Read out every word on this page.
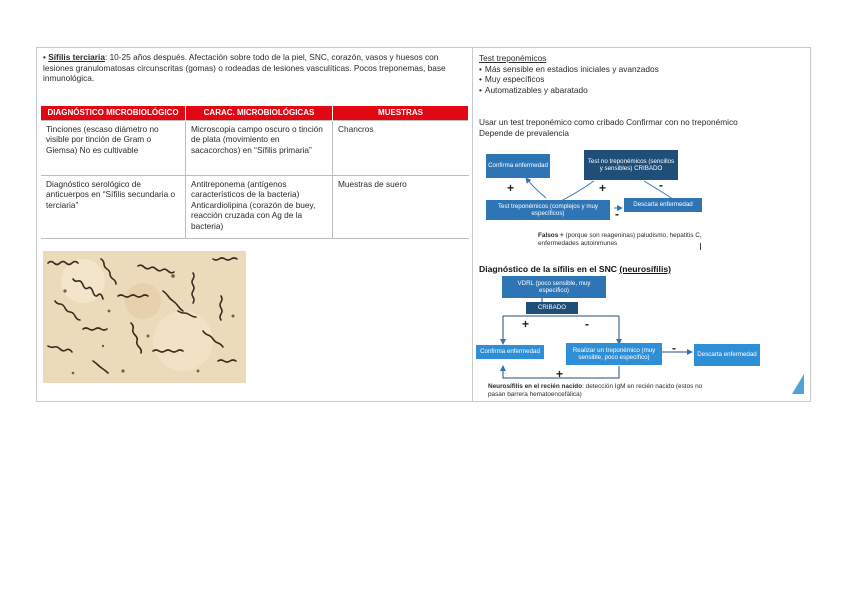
• Sífilis terciaria: 10-25 años después. Afectación sobre todo de la piel, SNC, corazón, vasos y huesos con lesiones granulomatosas circunscritas (gomas) o rodeadas de lesiones vasculíticas. Pocos treponemas, base inmunológica.
DIAGNÓSTICO MICROBIOLÓGICO	CARAC. MICROBIOLÓGICAS	MUESTRAS
Tinciones (escaso diámetro no visible por tinción de Gram o Giemsa) No es cultivable	Microscopia campo oscuro o tinción de plata (movimiento en sacacorchos) en “Sífilis primaria”	Chancros
Diagnóstico serológico de anticuerpos en “Sífilis secundaria o terciaria”	Antitreponema (antígenos característicos de la bacteria) Anticardiolipina (corazón de buey, reacción cruzada con Ag de la bacteria)	Muestras de suero
Test treponémicos
• Más sensible en estadios iniciales y avanzados
• Muy específicos
• Automatizables y abaratado
Usar un test treponémico como cribado Confirmar con no treponémico
Depende de prevalencia
Confirma enfermedad
Test no treponémicos (sencillos y sensibles) CRIBADO
Test treponémicos (complejos y muy específicos)
Descarta enfermedad
+	+	-
-
Falsos + (porque son reageninas) paludismo, hepatitis C, enfermedades autoinmunes
Diagnóstico de la sífilis en el SNC (neurosífilis)
VDRL (poco sensible, muy específico)
CRIBADO
Confirma enfermedad	Realizar un treponémico (muy sensible, poco específico)	Descarta enfermedad
+	-
-
+
Neurosífilis en el recién nacido: detección IgM en recién nacido (estos no pasan barrera hematoencefálica)
